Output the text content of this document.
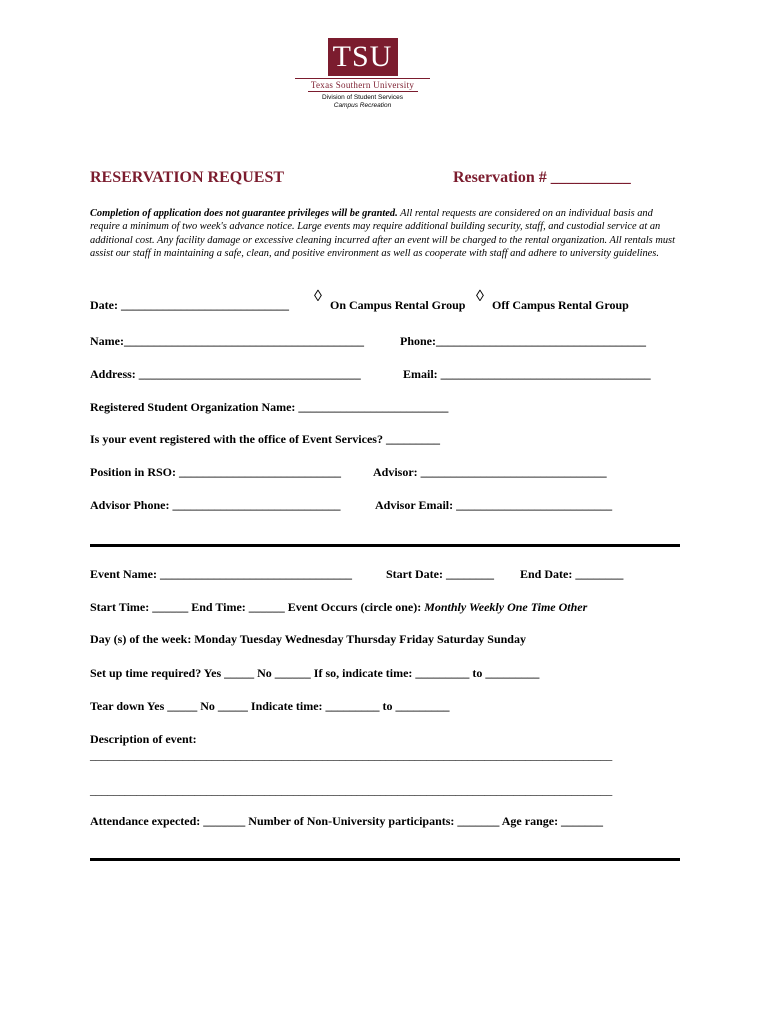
TSU
Texas Southern University
Division of Student Services
Campus Recreation
RESERVATION REQUEST	Reservation # __________
Completion of application does not guarantee privileges will be granted. All rental requests are considered on an individual basis and require a minimum of two week's advance notice. Large events may require additional building security, staff, and custodial service at an additional cost. Any facility damage or excessive cleaning incurred after an event will be charged to the rental organization. All rentals must assist our staff in maintaining a safe, clean, and positive environment as well as cooperate with staff and adhere to university guidelines.
Date: ____________________________ ◊ On Campus Rental Group ◊ Off Campus Rental Group
Name:________________________________________	Phone:___________________________________
Address: _____________________________________	Email: ___________________________________
Registered Student Organization Name: _________________________
Is your event registered with the office of Event Services? _________
Position in RSO: ___________________________	Advisor: _______________________________
Advisor Phone: ____________________________	Advisor Email: __________________________
Event Name: ________________________________	Start Date: ________ End Date: ________
Start Time: ______ End Time: ______ Event Occurs (circle one): Monthly Weekly One Time Other
Day (s) of the week: Monday Tuesday Wednesday Thursday Friday Saturday Sunday
Set up time required? Yes _____ No ______ If so, indicate time: _________ to _________
Tear down Yes _____ No _____ Indicate time: _________ to _________
Description of event:
__________________________________________________________________________________________
__________________________________________________________________________________________
Attendance expected: _______ Number of Non-University participants: _______ Age range: _______
